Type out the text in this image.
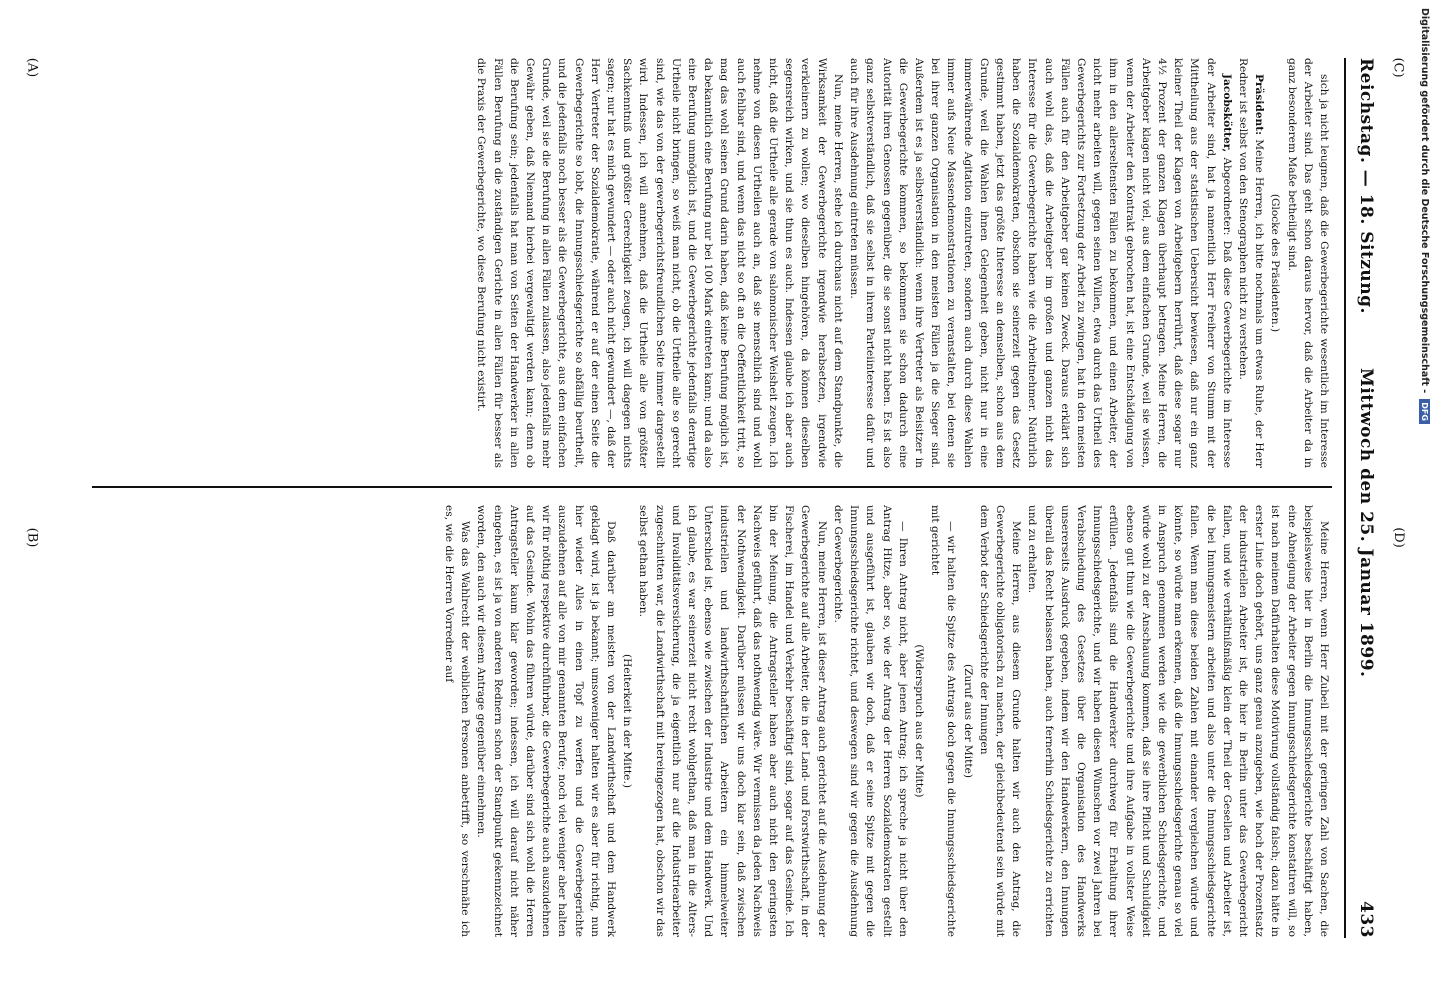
Reichstag. — 18. Sitzung.
Mittwoch den 25. Januar 1899.
433

sich ja nicht leugnen, daß die Gewerbegerichte wesentlich im Interesse der Arbeiter sind. Das geht schon daraus hervor, daß die Arbeiter da in ganz besonderem Maße betheiligt sind.

(Glocke des Präsidenten.)

Präsident: Meine Herren, ich bitte nochmals um etwas Ruhe, der Herr Redner ist selbst von den Stenographen nicht zu verstehen.

Jacobskötter, Abgeordneter: Daß diese Gewerbegerichte im Interesse der Arbeiter sind, hat ja namentlich Herr Freiherr von Stumm mit der Mittheilung aus der statistischen Uebersicht bewiesen, daß nur ein ganz kleiner Theil der Klagen von Arbeitgebern herrührt, daß diese sogar nur 4½ Prozent der ganzen Klagen überhaupt betragen. Meine Herren, die Arbeitgeber klagen nicht viel, aus dem einfachen Grunde, weil sie wissen, wenn der Arbeiter den Kontrakt gebrochen hat, ist eine Entschädigung von ihm in den allerseltensten Fällen zu bekommen, und einen Arbeiter, der nicht mehr arbeiten will, gegen seinen Willen, etwa durch das Urtheil des Gewerbegerichts zur Fortsetzung der Arbeit zu zwingen, hat in den meisten Fällen auch für den Arbeitgeber gar keinen Zweck. Daraus erklärt sich auch wohl das, daß die Arbeitgeber im großen und ganzen nicht das Interesse für die Gewerbegerichte haben wie die Arbeitnehmer. Natürlich haben die Sozialdemokraten, obschon sie seinerzeit gegen das Gesetz gestimmt haben, jetzt das größte Interesse an demselben, schon aus dem Grunde, weil die Wahlen ihnen Gelegenheit geben, nicht nur in eine immerwährende Agitation einzutreten, sondern auch durch diese Wahlen immer aufs Neue Massendemonstrationen zu veranstalten, bei denen sie bei ihrer ganzen Organisation in den meisten Fällen ja die Sieger sind. Außerdem ist es ja selbstverständlich: wenn ihre Vertreter als Beisitzer in die Gewerbegerichte kommen, so bekommen sie schon dadurch eine Autorität ihren Genossen gegenüber, die sie sonst nicht haben. Es ist also ganz selbstverständlich, daß sie selbst in ihrem Parteiinteresse dafür und auch für ihre Ausdehnung eintreten müssen.

Nun, meine Herren, stehe ich durchaus nicht auf dem Standpunkte, die Wirksamkeit der Gewerbegerichte irgendwie herabsetzen, irgendwie verkleinern zu wollen; wo dieselben hingehören, da können dieselben segensreich wirken, und sie thun es auch. Indessen glaube ich aber auch nicht, daß die Urtheile alle gerade von salomonischer Weisheit zeugen. Ich nehme von diesen Urtheilen auch an, daß sie menschlich sind und wohl auch fehlbar sind, und wenn das nicht so oft an die Oeffentlichkeit tritt, so mag das wohl seinen Grund darin haben, daß keine Berufung möglich ist, da bekanntlich eine Berufung nur bei 100 Mark eintreten kann; und da also eine Berufung unmöglich ist, und die Gewerbegerichte jedenfalls derartige Urtheile nicht bringen, so weiß man nicht, ob die Urtheile alle so gerecht sind, wie das von der gewerbegerichtsfreundlichen Seite immer dargestellt wird. Indessen, ich will annehmen, daß die Urtheile alle von größter Sachkenntniß und größter Gerechtigkeit zeugen, ich will dagegen nichts sagen; nur hat es mich gewundert — oder auch nicht gewundert —, daß der Herr Vertreter der Sozialdemokratie, während er auf der einen Seite die Gewerbegerichte so lobt, die Innungsschiedsgerichte so abfällig beurtheilt, und die jedenfalls noch besser als die Gewerbegerichte, aus dem einfachen Grunde, weil sie die Berufung in allen Fällen zulassen, also jedenfalls mehr Gewähr geben, daß Niemand hierbei vergewaltigt werden kann; denn ob die Berufung sein; jedenfalls hat man von Seiten der Handwerker in allen Fällen Berufung an die zuständigen Gerichte in allen Fällen für besser als die Praxis der Gewerbegerichte, wo diese Berufung nicht existirt.

Meine Herren, wenn Herr Zubeil mit der geringen Zahl von Sachen, die beispielsweise hier in Berlin die Innungsschiedsgerichte beschäftigt haben, eine Abneigung der Arbeiter gegen Innungsschiedsgerichte konstatiren will, so ist nach meinem Dafürhalten diese Motivirung vollständig falsch; dazu hätte in erster Linie doch gehört, uns ganz genau anzugeben, wie hoch der Prozentsatz der industriellen Arbeiter ist, die hier in Berlin unter das Gewerbegericht fallen, und wie verhältnißmäßig klein der Theil der Gesellen und Arbeiter ist, die bei Innungsmeistern arbeiten und also unter die Innungsschiedsgerichte fallen. Wenn man diese beiden Zahlen mit einander vergleichen würde und könnte, so würde man erkennen, daß die Innungsschiedsgerichte genau so viel in Anspruch genommen werden wie die gewerblichen Schiedsgerichte, und würde wohl zu der Anschauung kommen, daß sie ihre Pflicht und Schuldigkeit ebenso gut thun wie die Gewerbegerichte und ihre Aufgabe in vollster Weise erfüllen. Jedenfalls sind die Handwerker durchweg für Erhaltung ihrer Innungsschiedsgerichte, und wir haben diesen Wünschen vor zwei Jahren bei Verabschiedung des Gesetzes über die Organisation des Handwerks unsererseits Ausdruck gegeben, indem wir den Handwerkern, den Innungen überall das Recht belassen haben, auch fernerhin Schiedsgerichte zu errichten und zu erhalten.

Meine Herren, aus diesem Grunde halten wir auch den Antrag, die Gewerbegerichte obligatorisch zu machen, der gleichbedeutend sein würde mit dem Verbot der Schiedsgerichte der Innungen

(Zuruf aus der Mitte)

— wir halten die Spitze des Antrags doch gegen die Innungsschiedsgerichte mit gerichtet

(Widerspruch aus der Mitte)

— Ihren Antrag nicht, aber jenen Antrag; ich spreche ja nicht über den Antrag Hitze, aber so, wie der Antrag der Herren Sozialdemokraten gestellt und ausgeführt ist, glauben wir doch, daß er seine Spitze mit gegen die Innungsschiedsgerichte richtet, und deswegen sind wir gegen die Ausdehnung der Gewerbegerichte.

Nun, meine Herren, ist dieser Antrag auch gerichtet auf die Ausdehnung der Gewerbegerichte auf alle Arbeiter, die in der Land- und Forstwirthschaft, in der Fischerei, im Handel und Verkehr beschäftigt sind, sogar auf das Gesinde. Ich bin der Meinung, die Antragsteller haben aber auch nicht den geringsten Nachweis geführt, daß das nothwendig wäre. Wir vermissen da jeden Nachweis der Nothwendigkeit. Darüber müssen wir uns doch klar sein, daß zwischen industriellen und landwirthschaftlichen Arbeitern ein himmelweiter Unterschied ist, ebenso wie zwischen der Industrie und dem Handwerk. Und ich glaube, es war seinerzeit nicht recht wohlgethan, daß man in die Alters- und Invaliditätsversicherung, die ja eigentlich nur auf die Industriearbeiter zugeschnitten war, die Landwirthschaft mit hereingezogen hat, obschon wir das selbst gethan haben.

(Heiterkeit in der Mitte.)

Daß darüber am meisten von der Landwirthschaft und dem Handwerk geklagt wird, ist ja bekannt; umsoweniger halten wir es aber für richtig, nun hier wieder Alles in einen Topf zu werfen und die Gewerbegerichte auszudehnen auf alle von mir genannten Berufe; noch viel weniger aber halten wir für nöthig respektive durchführbar, die Gewerbegerichte auch auszudehnen auf das Gesinde. Wohin das führen würde, darüber sind sich wohl die Herren Antragsteller kaum klar geworden; indessen, ich will darauf nicht näher eingehen, es ist ja von anderen Rednern schon der Standpunkt gekennzeichnet worden, den auch wir diesem Antrage gegenüber einnehmen.

Was das Wahlrecht der weiblichen Personen anbetrifft, so verschmähe ich es, wie die Herren Vorredner auf

(A)
(B)
(C)
(D)
Digitalisierung gefördert durch die Deutsche Forschungsgemeinschaft -DFG
